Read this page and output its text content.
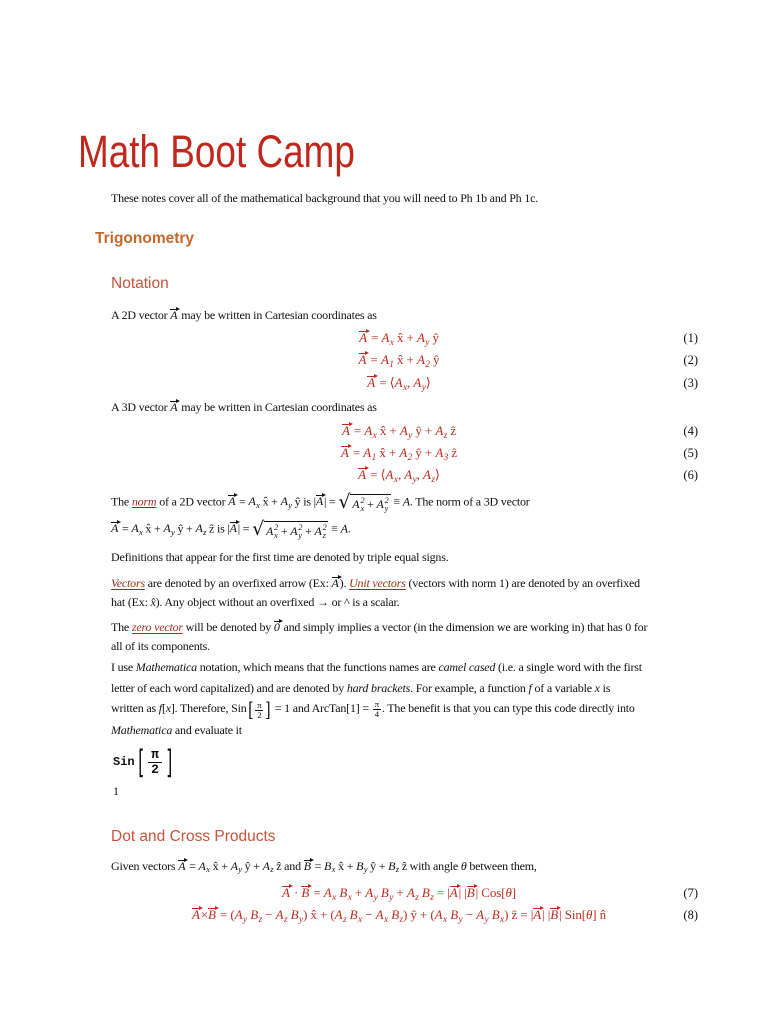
Math Boot Camp
These notes cover all of the mathematical background that you will need to Ph 1b and Ph 1c.
Trigonometry
Notation
A 2D vector A may be written in Cartesian coordinates as
$A = A_x$ x̂ + $A_y$ ŷ	(1)
$A = A_1$ x̂ + $A_2$ ŷ	(2)
A = ⟨ $A_x$, $A_y$ ⟩	(3)
A 3D vector A may be written in Cartesian coordinates as
$A = A_x$ x̂ + $A_y$ ŷ + $A_z$ ẑ	(4)
$A = A_1$ x̂ + $A_2$ ŷ + $A_3$ ẑ	(5)
A = ⟨ $A_x$, $A_y$, $A_z$ ⟩	(6)
The norm of a 2D vector $A = A_x$ x̂ + $A_y$ ŷ is |A| = √ A 2
x + A 2
y
≡ A. The norm of a 3D vector
$A = A_x$ x̂ + $A_y$ ŷ + $A_z$ ẑ is |A| = √ A 2
x + A 2
y + A 2
z
≡ A.
Definitions that appear for the first time are denoted by triple equal signs.
Vectors are denoted by an overfixed arrow (Ex: A). Unit vectors (vectors with norm 1) are denoted by an overfixed
hat (Ex: x̂). Any object without an overfixed → or ^ is a scalar.
The zero vector will be denoted by 0 and simply implies a vector (in the dimension we are working in) that has 0 for
all of its components.
I use Mathematica notation, which means that the functions names are camel cased (i.e. a single word with the first
letter of each word capitalized) and are denoted by hard brackets. For example, a function f of a variable x is
written as f[x]. Therefore, Sin [ $\frac{\pi}{2}$ ] = 1 and ArcTan[1] = $\frac{\pi}{4}$ . The benefit is that you can type this code directly into
Mathematica and evaluate it
Sin [ $\frac{\pi}{2}$ ]
1
Dot and Cross Products
Given vectors $A = A_x$ x̂ + $A_y$ ŷ + $A_z$ ẑ and $B = B_x$ x̂ + $B_y$ ŷ + $B_z$ ẑ with angle θ between them,
$A \cdot B = A_x$ $B_x + A_y$ $B_y + A_z$ $B_z = |A|$ |B| Cos[θ]	(7)
$A\times B = (A_y$ $B_z - A_z$ $B_y$) x̂ + ($A_z$ $B_x - A_x$ $B_z$) ŷ + ($A_x$ $B_y - A_y$ $B_x$) ẑ = |A| |B| Sin[θ] n̂	(8)
